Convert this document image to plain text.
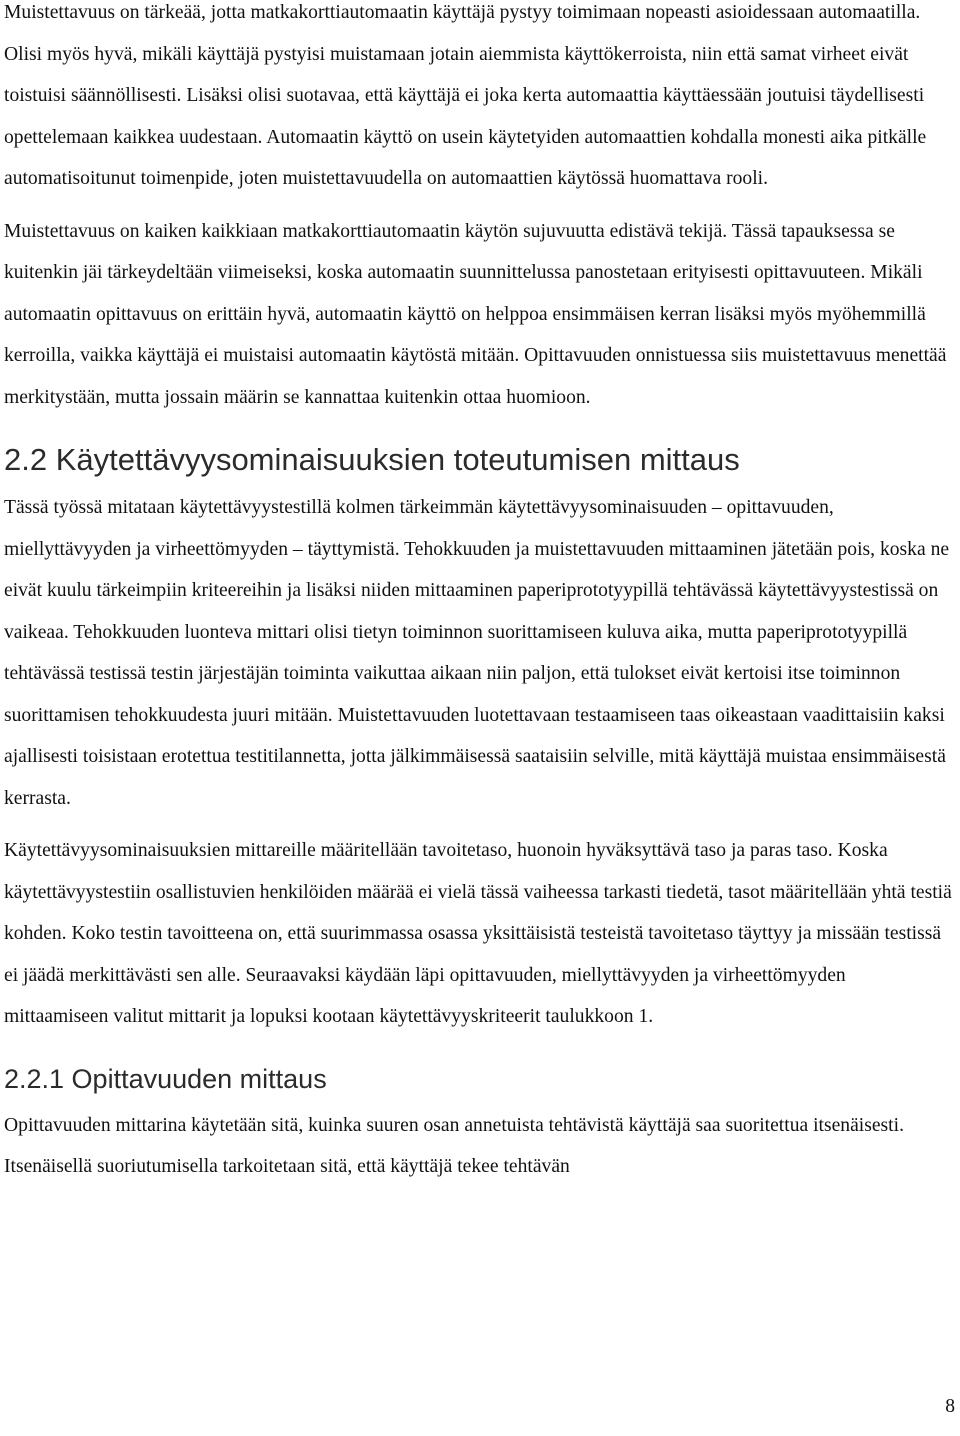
Muistettavuus on tärkeää, jotta matkakorttiautomaatin käyttäjä pystyy toimimaan nopeasti asioidessaan automaatilla. Olisi myös hyvä, mikäli käyttäjä pystyisi muistamaan jotain aiemmista käyttökerroista, niin että samat virheet eivät toistuisi säännöllisesti. Lisäksi olisi suotavaa, että käyttäjä ei joka kerta automaattia käyttäessään joutuisi täydellisesti opettelemaan kaikkea uudestaan. Automaatin käyttö on usein käytetyiden automaattien kohdalla monesti aika pitkälle automatisoitunut toimenpide, joten muistettavuudella on automaattien käytössä huomattava rooli.

Muistettavuus on kaiken kaikkiaan matkakorttiautomaatin käytön sujuvuutta edistävä tekijä. Tässä tapauksessa se kuitenkin jäi tärkeydeltään viimeiseksi, koska automaatin suunnittelussa panostetaan erityisesti opittavuuteen. Mikäli automaatin opittavuus on erittäin hyvä, automaatin käyttö on helppoa ensimmäisen kerran lisäksi myös myöhemmillä kerroilla, vaikka käyttäjä ei muistaisi automaatin käytöstä mitään. Opittavuuden onnistuessa siis muistettavuus menettää merkitystään, mutta jossain määrin se kannattaa kuitenkin ottaa huomioon.

2.2 Käytettävyysominaisuuksien toteutumisen mittaus

Tässä työssä mitataan käytettävyystestillä kolmen tärkeimmän käytettävyysominaisuuden – opittavuuden, miellyttävyyden ja virheettömyyden – täyttymistä. Tehokkuuden ja muistettavuuden mittaaminen jätetään pois, koska ne eivät kuulu tärkeimpiin kriteereihin ja lisäksi niiden mittaaminen paperiprototyypillä tehtävässä käytettävyystestissä on vaikeaa. Tehokkuuden luonteva mittari olisi tietyn toiminnon suorittamiseen kuluva aika, mutta paperiprototyypillä tehtävässä testissä testin järjestäjän toiminta vaikuttaa aikaan niin paljon, että tulokset eivät kertoisi itse toiminnon suorittamisen tehokkuudesta juuri mitään. Muistettavuuden luotettavaan testaamiseen taas oikeastaan vaadittaisiin kaksi ajallisesti toisistaan erotettua testitilannetta, jotta jälkimmäisessä saataisiin selville, mitä käyttäjä muistaa ensimmäisestä kerrasta.

Käytettävyysominaisuuksien mittareille määritellään tavoitetaso, huonoin hyväksyttävä taso ja paras taso. Koska käytettävyystestiin osallistuvien henkilöiden määrää ei vielä tässä vaiheessa tarkasti tiedetä, tasot määritellään yhtä testiä kohden. Koko testin tavoitteena on, että suurimmassa osassa yksittäisistä testeistä tavoitetaso täyttyy ja missään testissä ei jäädä merkittävästi sen alle. Seuraavaksi käydään läpi opittavuuden, miellyttävyyden ja virheettömyyden mittaamiseen valitut mittarit ja lopuksi kootaan käytettävyyskriteerit taulukkoon 1.

2.2.1 Opittavuuden mittaus

Opittavuuden mittarina käytetään sitä, kuinka suuren osan annetuista tehtävistä käyttäjä saa suoritettua itsenäisesti. Itsenäisellä suoriutumisella tarkoitetaan sitä, että käyttäjä tekee tehtävän

8
